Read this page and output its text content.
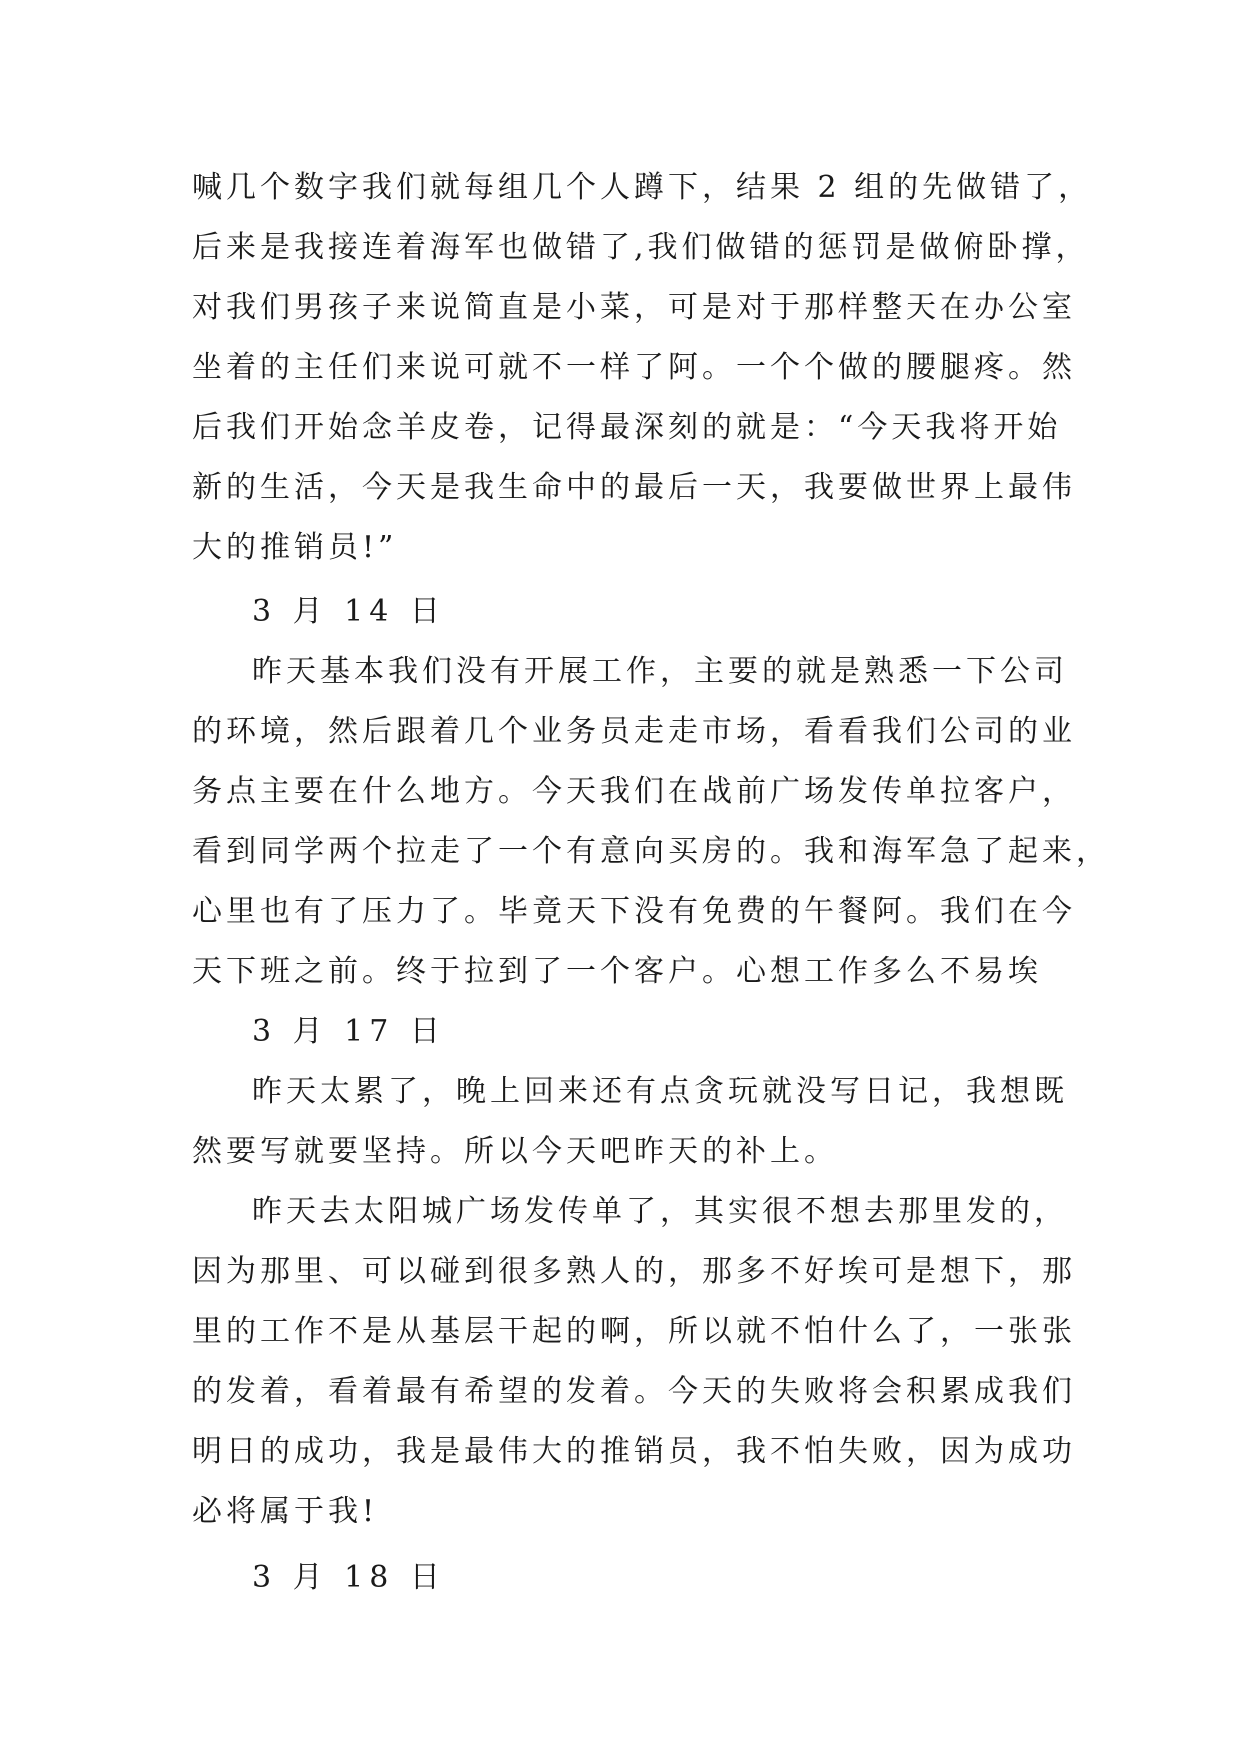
喊几个数字我们就每组几个人蹲下，结果 2 组的先做错了，
后来是我接连着海军也做错了,我们做错的惩罚是做俯卧撑，
对我们男孩子来说简直是小菜，可是对于那样整天在办公室
坐着的主任们来说可就不一样了阿。一个个做的腰腿疼。然
后我们开始念羊皮卷，记得最深刻的就是：“今天我将开始
新的生活，今天是我生命中的最后一天，我要做世界上最伟
大的推销员!”
3 月 14 日
昨天基本我们没有开展工作，主要的就是熟悉一下公司
的环境，然后跟着几个业务员走走市场，看看我们公司的业
务点主要在什么地方。今天我们在战前广场发传单拉客户，
看到同学两个拉走了一个有意向买房的。我和海军急了起来，
心里也有了压力了。毕竟天下没有免费的午餐阿。我们在今
天下班之前。终于拉到了一个客户。心想工作多么不易埃
3 月 17 日
昨天太累了，晚上回来还有点贪玩就没写日记，我想既
然要写就要坚持。所以今天吧昨天的补上。
昨天去太阳城广场发传单了，其实很不想去那里发的，
因为那里、可以碰到很多熟人的，那多不好埃可是想下，那
里的工作不是从基层干起的啊，所以就不怕什么了，一张张
的发着，看着最有希望的发着。今天的失败将会积累成我们
明日的成功，我是最伟大的推销员，我不怕失败，因为成功
必将属于我!
3 月 18 日
